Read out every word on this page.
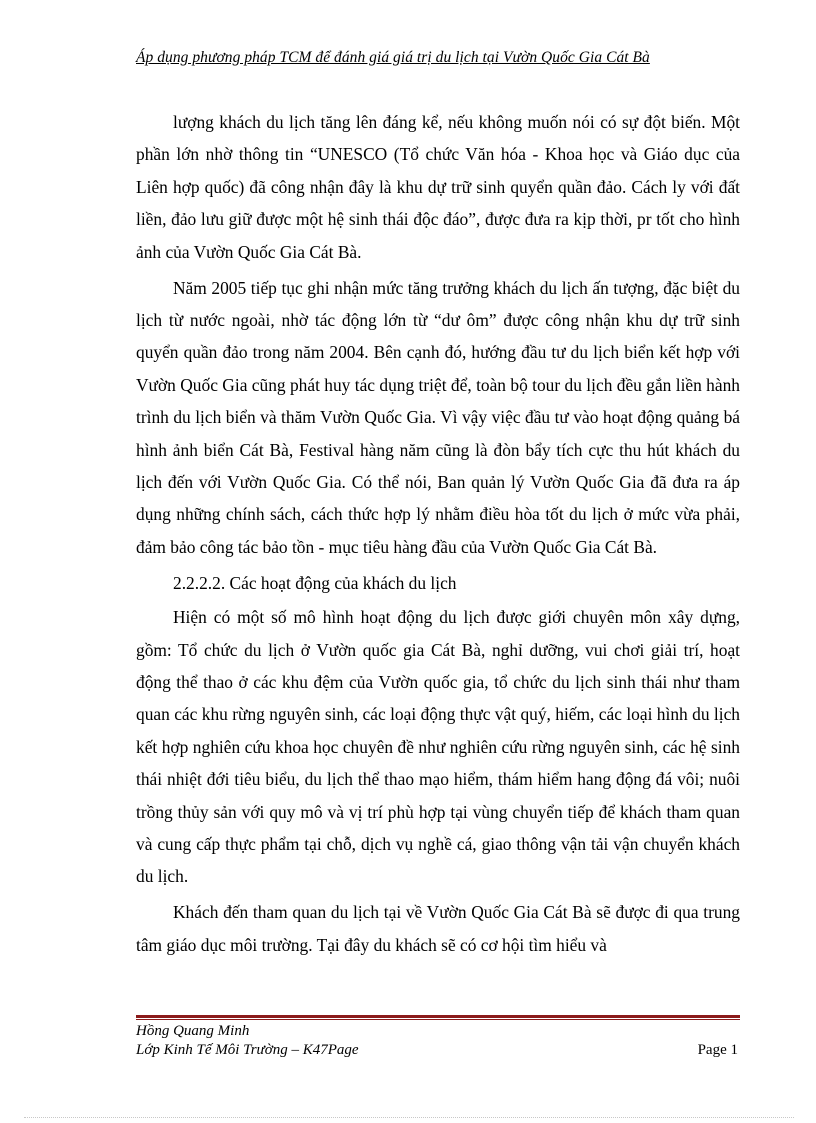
Áp dụng phương pháp TCM để đánh giá giá trị du lịch tại Vườn Quốc Gia Cát Bà

lượng khách du lịch tăng lên đáng kể, nếu không muốn nói có sự đột biến. Một phần lớn nhờ thông tin “UNESCO (Tổ chức Văn hóa - Khoa học và Giáo dục của Liên hợp quốc) đã công nhận đây là khu dự trữ sinh quyển quần đảo. Cách ly với đất liền, đảo lưu giữ được một hệ sinh thái độc đáo”, được đưa ra kịp thời, pr tốt cho hình ảnh của Vườn Quốc Gia Cát Bà.

Năm 2005 tiếp tục ghi nhận mức tăng trưởng khách du lịch ấn tượng, đặc biệt du lịch từ nước ngoài, nhờ tác động lớn từ “dư ôm” được công nhận khu dự trữ sinh quyển quần đảo trong năm 2004. Bên cạnh đó, hướng đầu tư du lịch biển kết hợp với Vườn Quốc Gia cũng phát huy tác dụng triệt để, toàn bộ tour du lịch đều gắn liền hành trình du lịch biển và thăm Vườn Quốc Gia. Vì vậy việc đầu tư vào hoạt động quảng bá hình ảnh biển Cát Bà, Festival hàng năm cũng là đòn bẩy tích cực thu hút khách du lịch đến với Vườn Quốc Gia. Có thể nói, Ban quản lý Vườn Quốc Gia đã đưa ra áp dụng những chính sách, cách thức hợp lý nhằm điều hòa tốt du lịch ở mức vừa phải, đảm bảo công tác bảo tồn - mục tiêu hàng đầu của Vườn Quốc Gia Cát Bà.

2.2.2.2. Các hoạt động của khách du lịch

Hiện có một số mô hình hoạt động du lịch được giới chuyên môn xây dựng, gồm: Tổ chức du lịch ở Vườn quốc gia Cát Bà, nghỉ dưỡng, vui chơi giải trí, hoạt động thể thao ở các khu đệm của Vườn quốc gia, tổ chức du lịch sinh thái như tham quan các khu rừng nguyên sinh, các loại động thực vật quý, hiếm, các loại hình du lịch kết hợp nghiên cứu khoa học chuyên đề như nghiên cứu rừng nguyên sinh, các hệ sinh thái nhiệt đới tiêu biểu, du lịch thể thao mạo hiểm, thám hiểm hang động đá vôi; nuôi trồng thủy sản với quy mô và vị trí phù hợp tại vùng chuyển tiếp để khách tham quan và cung cấp thực phẩm tại chỗ, dịch vụ nghề cá, giao thông vận tải vận chuyển khách du lịch.

Khách đến tham quan du lịch tại về Vườn Quốc Gia Cát Bà sẽ được đi qua trung tâm giáo dục môi trường. Tại đây du khách sẽ có cơ hội tìm hiểu và

Hồng Quang Minh
Lớp Kinh Tế Môi Trường – K47Page	Page 1
